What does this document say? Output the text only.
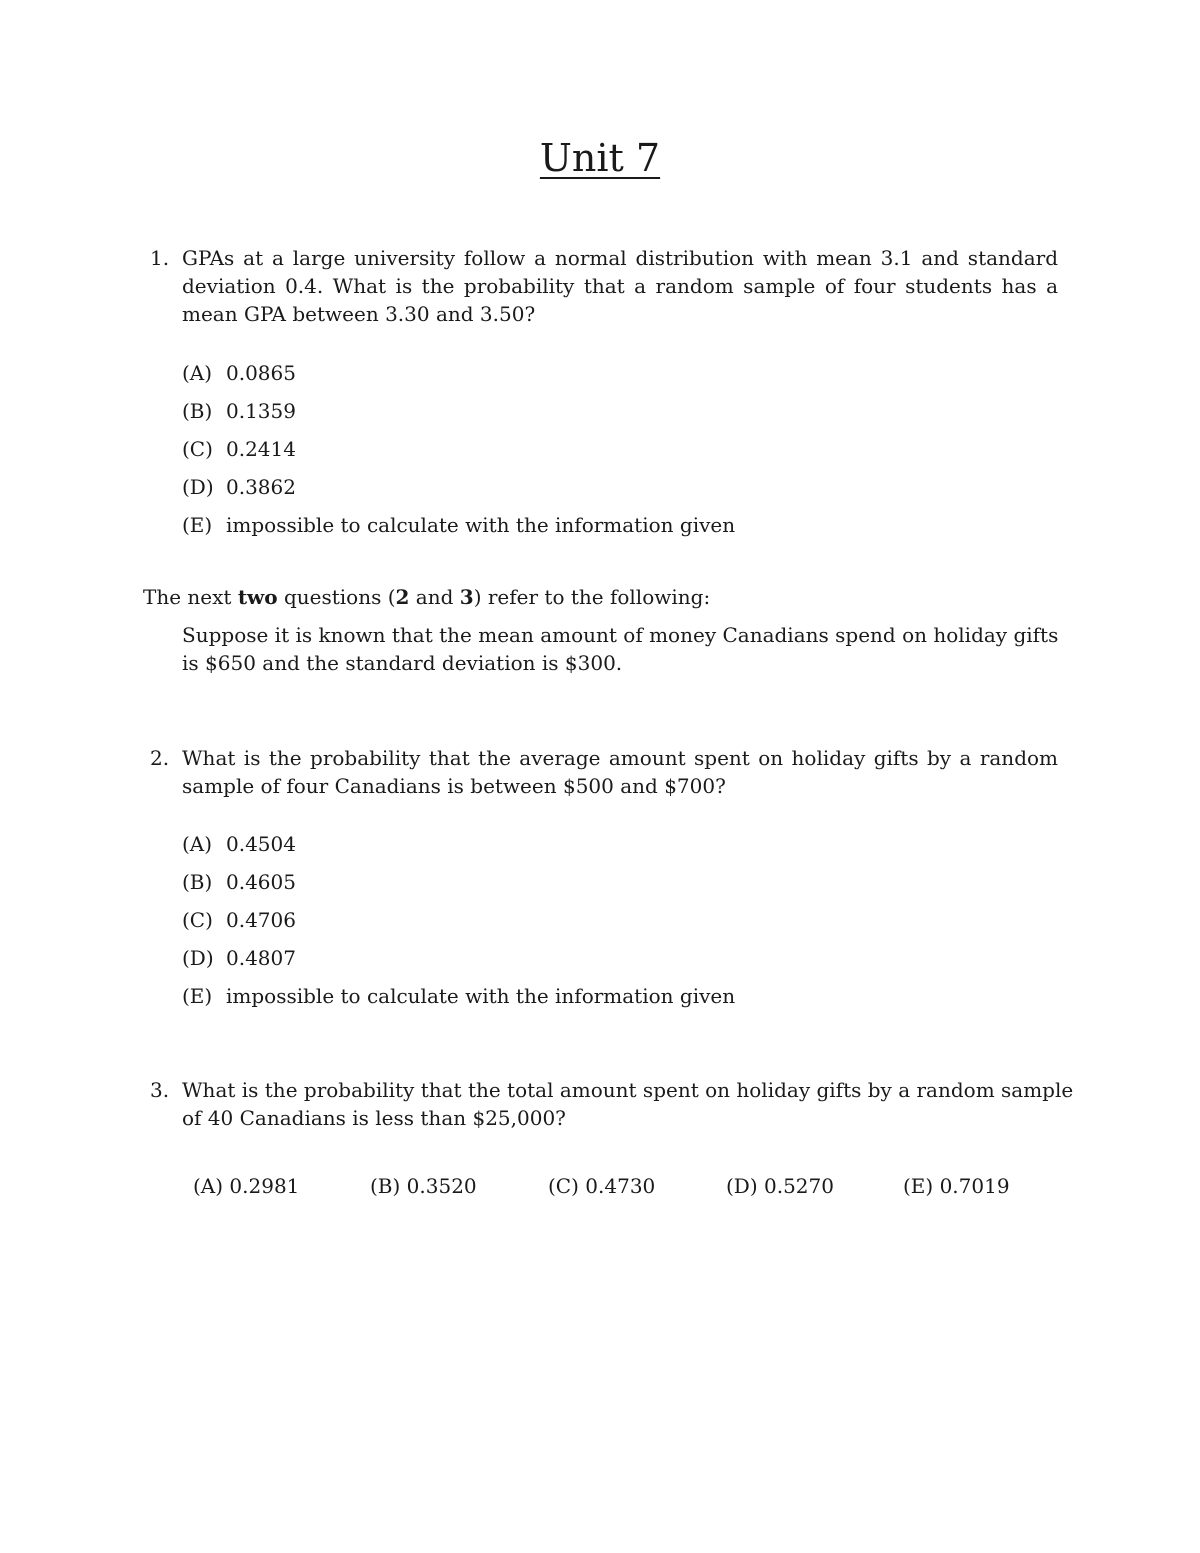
Unit 7
1. GPAs at a large university follow a normal distribution with mean 3.1 and standard
deviation 0.4. What is the probability that a random sample of four students has a
mean GPA between 3.30 and 3.50?
(A) 0.0865
(B) 0.1359
(C) 0.2414
(D) 0.3862
(E) impossible to calculate with the information given
The next two questions (2 and 3) refer to the following:
Suppose it is known that the mean amount of money Canadians spend on holiday gifts
is $650 and the standard deviation is $300.
2. What is the probability that the average amount spent on holiday gifts by a random
sample of four Canadians is between $500 and $700?
(A) 0.4504
(B) 0.4605
(C) 0.4706
(D) 0.4807
(E) impossible to calculate with the information given
3. What is the probability that the total amount spent on holiday gifts by a random sample
of 40 Canadians is less than $25,000?
(A) 0.2981	(B) 0.3520	(C) 0.4730	(D) 0.5270	(E) 0.7019
